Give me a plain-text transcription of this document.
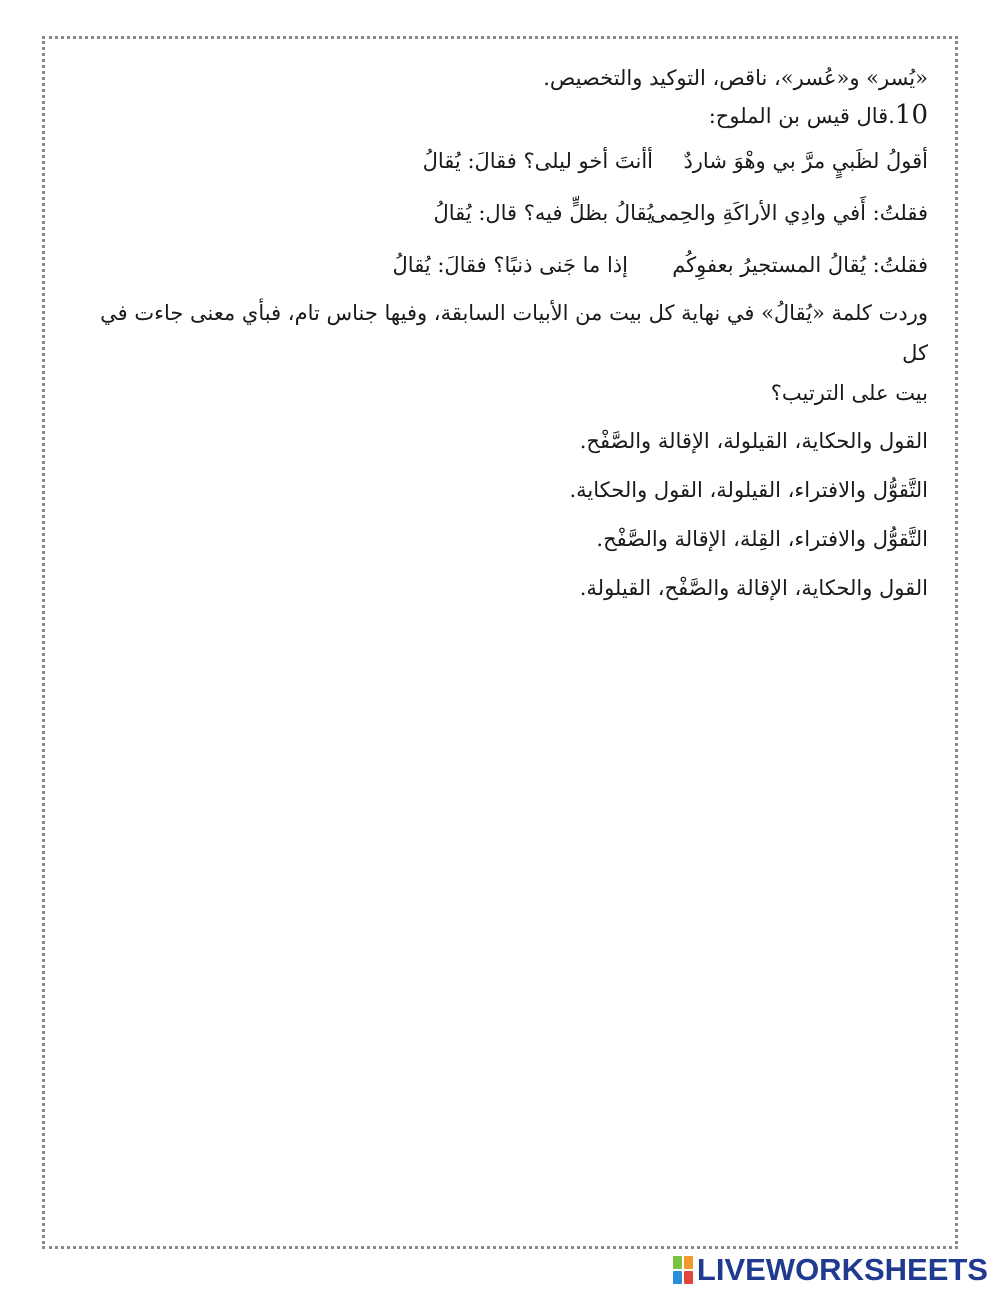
«يُسر» و«عُسر»، ناقص، التوكيد والتخصيص.
10.قال قيس بن الملوح:
أقولُ لظَبيٍ مرَّ بي وهْوَ شاردٌ
أأنتَ أخو ليلى؟ فقالَ: يُقالُ
فقلتُ: أَفي وادِي الأراكَةِ والحِمى
يُقالُ بظلٍّ فيه؟ قال: يُقالُ
فقلتُ: يُقالُ المستجيرُ بعفوِكُم
إذا ما جَنى ذنبًا؟ فقالَ: يُقالُ
وردت كلمة «يُقالُ» في نهاية كل بيت من الأبيات السابقة، وفيها جناس تام، فبأي معنى جاءت في كل
بيت على الترتيب؟
القول والحكاية، القيلولة، الإقالة والصَّفْح.
التَّقوُّل والافتراء، القيلولة، القول والحكاية.
التَّقوُّل والافتراء، القِلة، الإقالة والصَّفْح.
القول والحكاية، الإقالة والصَّفْح، القيلولة.
LIVEWORKSHEETS
